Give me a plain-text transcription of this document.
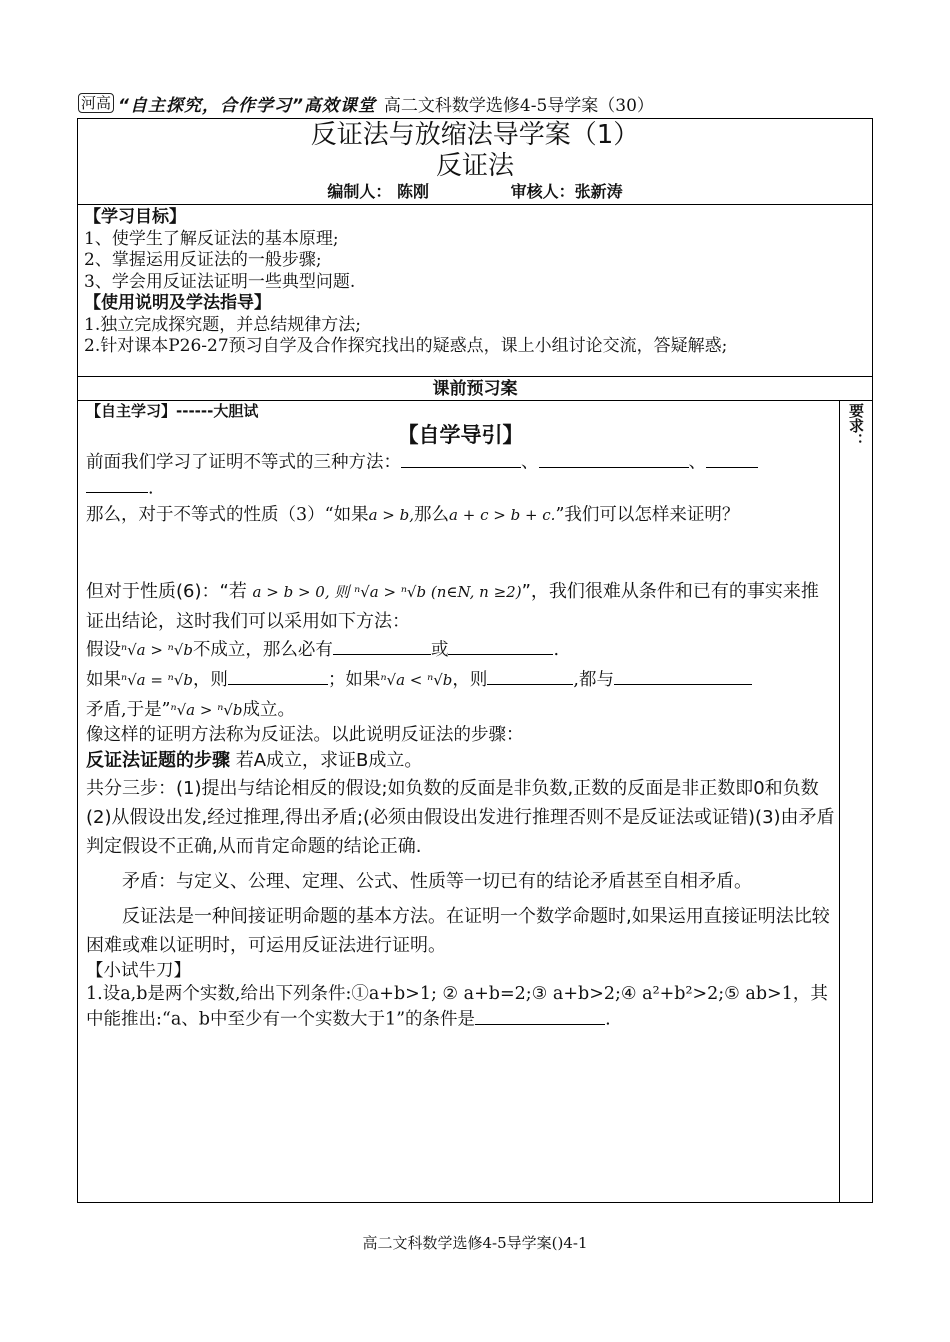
河高 “自主探究，合作学习”高效课堂 高二文科数学选修4-5导学案（30）
反证法与放缩法导学案（1）
反证法
编制人： 陈刚	审核人：张新涛
【学习目标】
1、使学生了解反证法的基本原理;
2、掌握运用反证法的一般步骤;
3、学会用反证法证明一些典型问题.
【使用说明及学法指导】
1.独立完成探究题，并总结规律方法;
2.针对课本P26-27预习自学及合作探究找出的疑惑点，课上小组讨论交流，答疑解惑;
课前预习案
【自主学习】------大胆试
【自学导引】

前面我们学习了证明不等式的三种方法：	、	、
.

那么，对于不等式的性质（3）“如果a > b,那么a + c > b + c.”我们可以怎样来证明？

但对于性质(6)：“若 a > b > 0, 则 ⁿ√a > ⁿ√b (n∈N, n ≥2)”，我们很难从条件和已有的事实来推证出结论，这时我们可以采用如下方法：

假设ⁿ√a > ⁿ√b不成立，那么必有	或	.

如果ⁿ√a = ⁿ√b，则	；如果ⁿ√a < ⁿ√b，则	,都与

矛盾,于是”ⁿ√a > ⁿ√b成立。

像这样的证明方法称为反证法。以此说明反证法的步骤：

反证法证题的步骤 若A成立，求证B成立。

共分三步：(1)提出与结论相反的假设;如负数的反面是非负数,正数的反面是非正数即0和负数(2)从假设出发,经过推理,得出矛盾;(必须由假设出发进行推理否则不是反证法或证错)(3)由矛盾判定假设不正确,从而肯定命题的结论正确.

矛盾：与定义、公理、定理、公式、性质等一切已有的结论矛盾甚至自相矛盾。

反证法是一种间接证明命题的基本方法。在证明一个数学命题时,如果运用直接证明法比较困难或难以证明时，可运用反证法进行证明。

【小试牛刀】

1.设a,b是两个实数,给出下列条件:①a+b>1; ② a+b=2;③ a+b>2;④ a²+b²>2;⑤ ab>1，其中能推出:“a、b中至少有一个实数大于1”的条件是	.

要求：
高二文科数学选修4-5导学案()4-1
